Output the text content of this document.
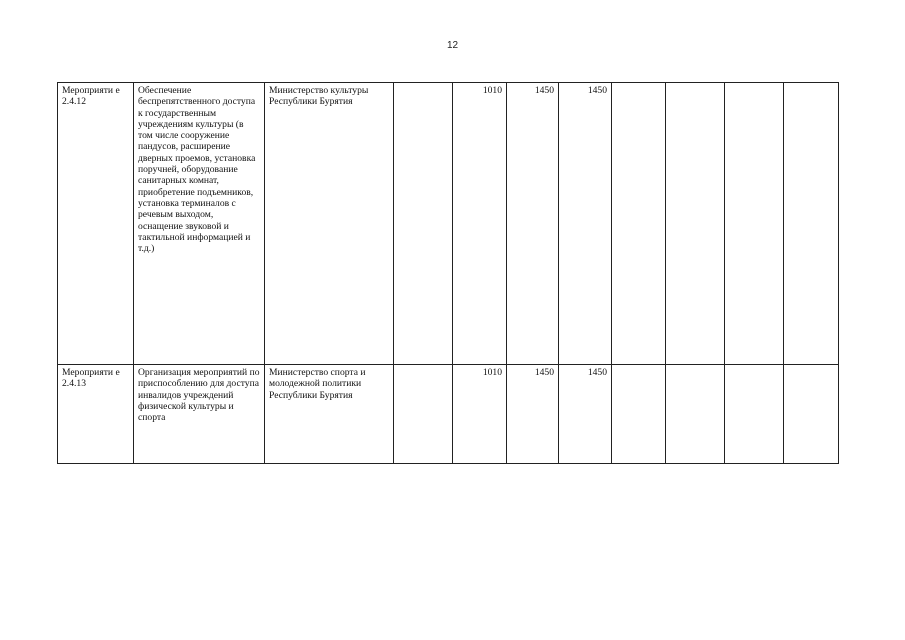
12
Мероприяти е 2.4.12	Обеспечение беспрепятственного доступа к государственным учреждениям культуры (в том числе сооружение пандусов, расширение дверных проемов, установка поручней, оборудование санитарных комнат, приобретение подъемников, установка терминалов с речевым выходом, оснащение звуковой и тактильной информацией и т.д.)	Министерство культуры Республики Бурятия		1010	1450	1450				
Мероприяти е 2.4.13	Организация мероприятий по приспособлению для доступа инвалидов учреждений физической культуры и спорта	Министерство спорта и молодежной политики Республики Бурятия		1010	1450	1450				
